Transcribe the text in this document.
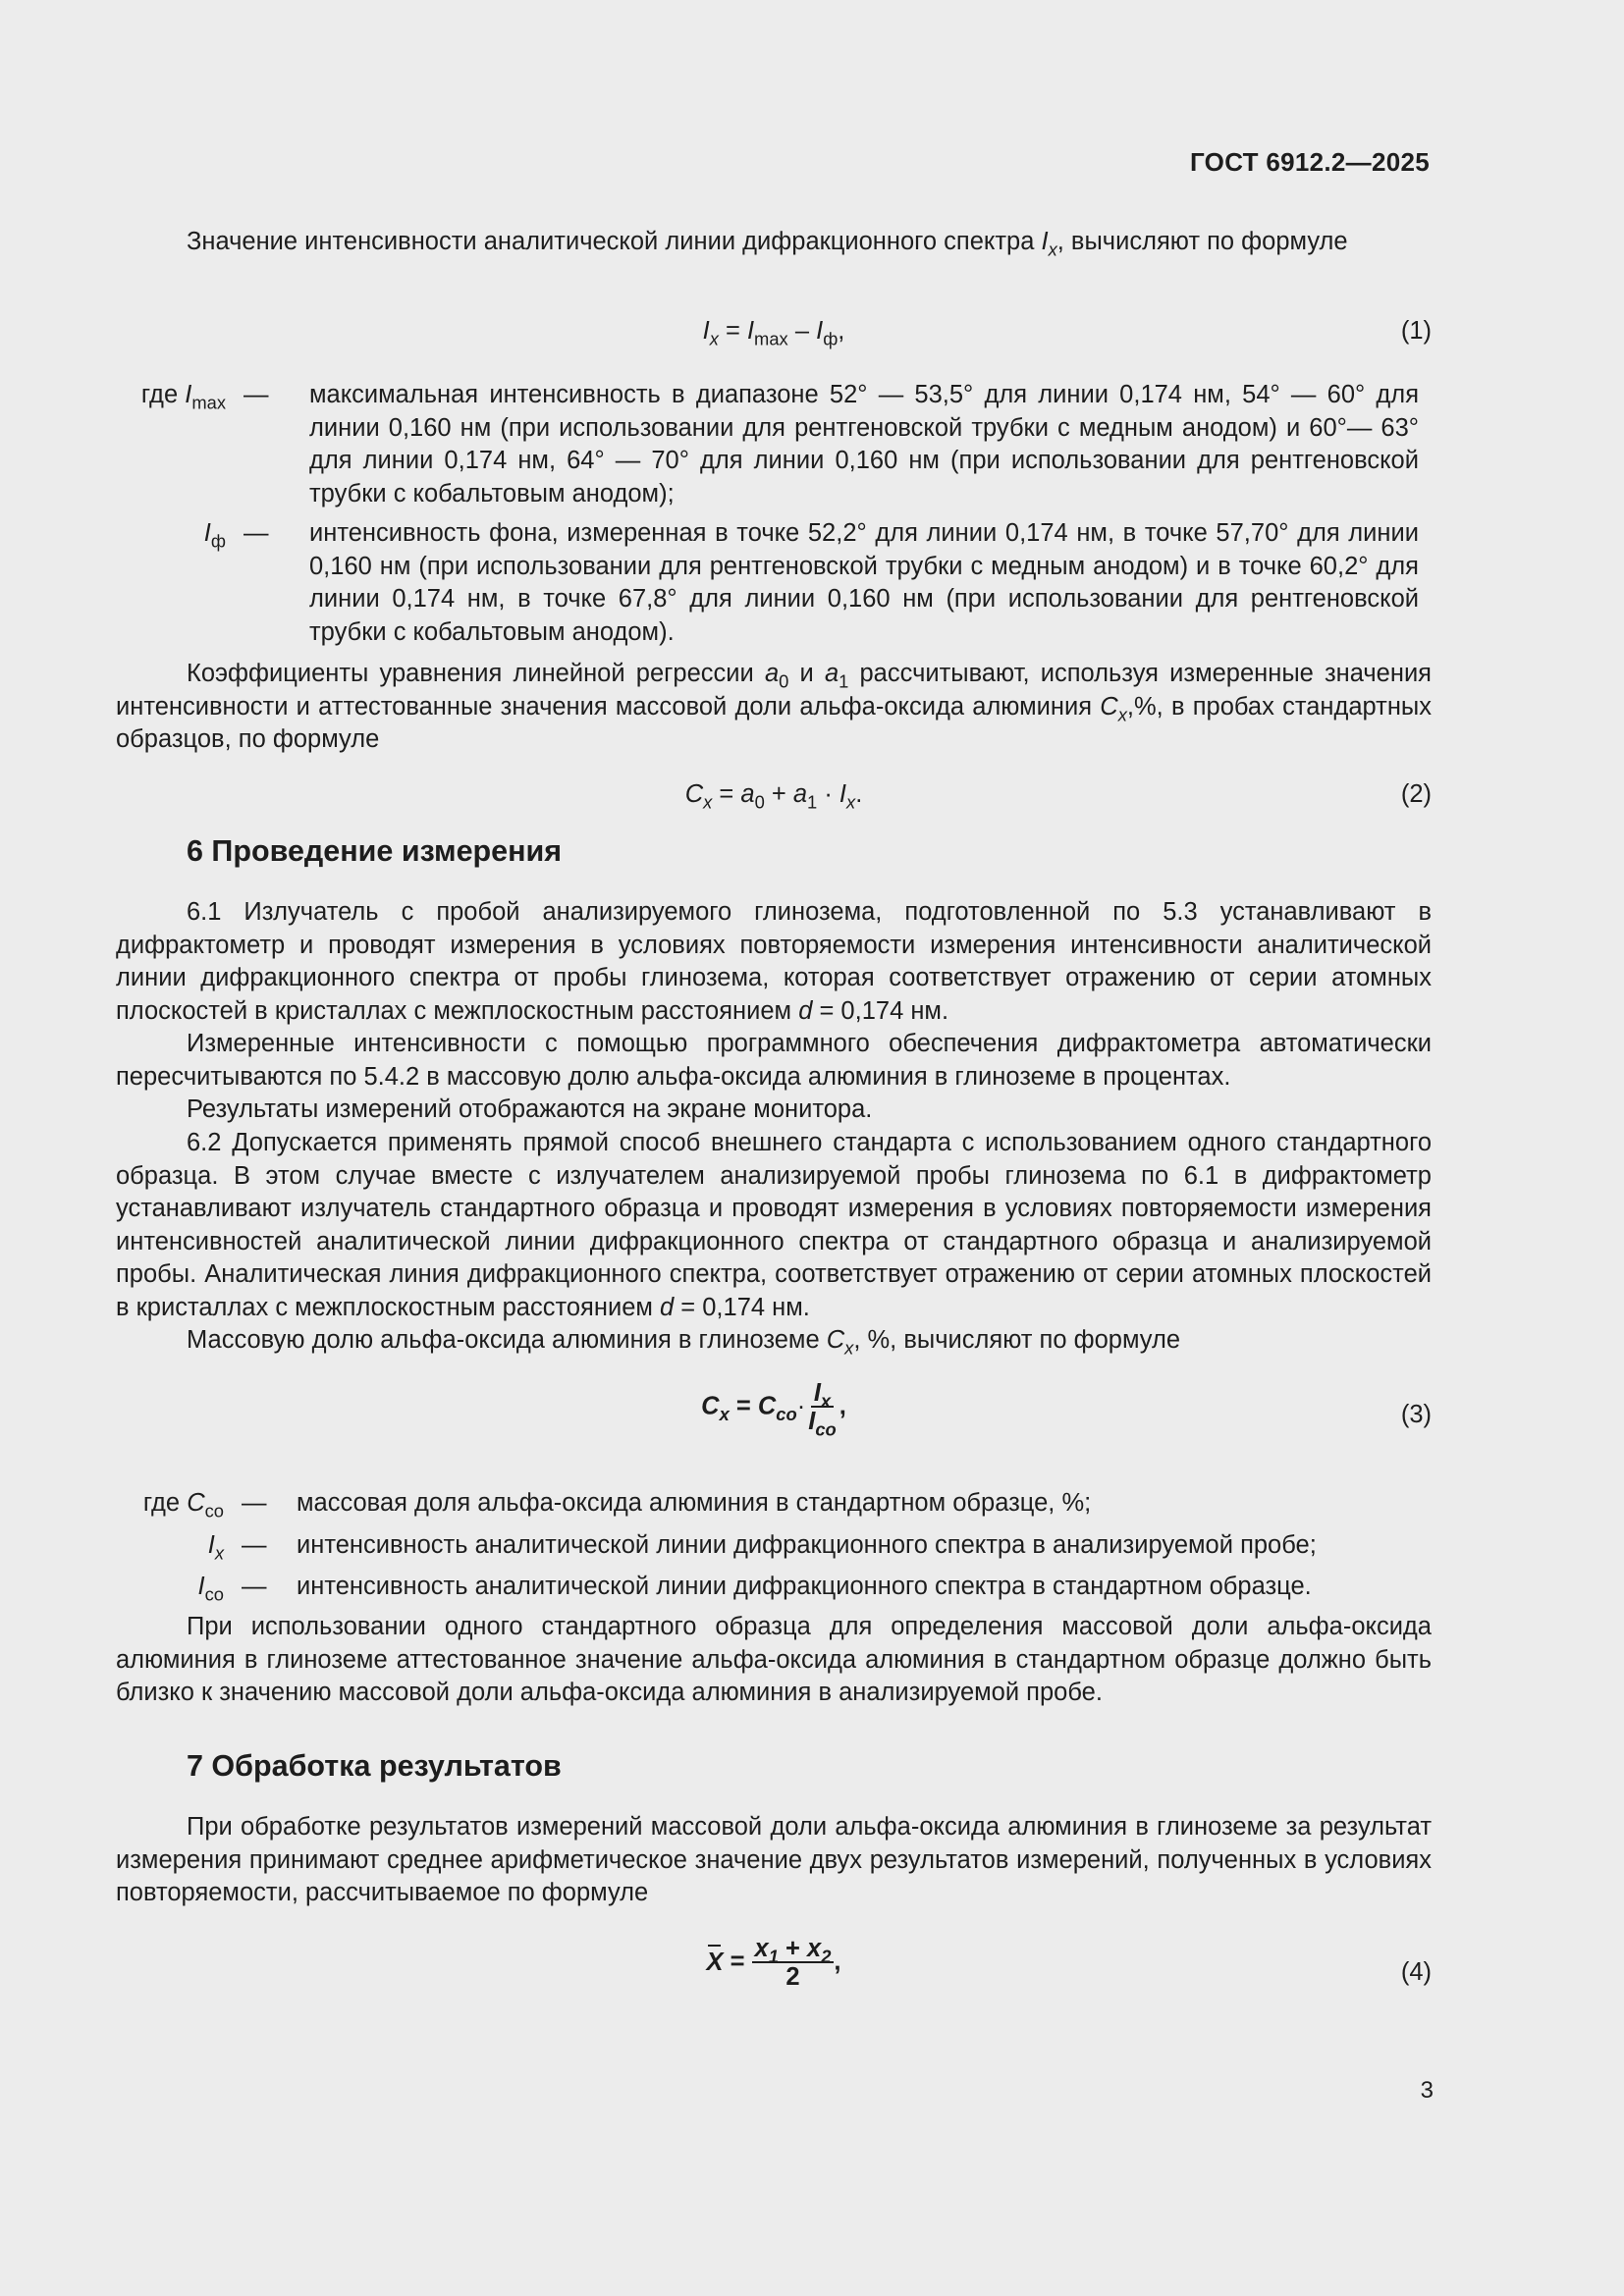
ГОСТ 6912.2—2025
Значение интенсивности аналитической линии дифракционного спектра $I_x$, вычисляют по формуле
$I_x = I_{max} - I_ф$,	(1)
где $I_{max}$ — максимальная интенсивность в диапазоне 52° — 53,5° для линии 0,174 нм, 54° — 60° для линии 0,160 нм (при использовании для рентгеновской трубки с медным анодом) и 60°— 63° для линии 0,174 нм, 64° — 70° для линии 0,160 нм (при использовании для рентгеновской трубки с кобальтовым анодом);
$I_ф$ — интенсивность фона, измеренная в точке 52,2° для линии 0,174 нм, в точке 57,70° для линии 0,160 нм (при использовании для рентгеновской трубки с медным анодом) и в точке 60,2° для линии 0,174 нм, в точке 67,8° для линии 0,160 нм (при использовании для рентгеновской трубки с кобальтовым анодом).
Коэффициенты уравнения линейной регрессии $a_0$ и $a_1$ рассчитывают, используя измеренные значения интенсивности и аттестованные значения массовой доли альфа-оксида алюминия $C_x,\%$, в пробах стандартных образцов, по формуле
$C_x = a_0 + a_1 \cdot I_x$.	(2)
6 Проведение измерения
6.1 Излучатель с пробой анализируемого глинозема, подготовленной по 5.3 устанавливают в дифрактометр и проводят измерения в условиях повторяемости измерения интенсивности аналитической линии дифракционного спектра от пробы глинозема, которая соответствует отражению от серии атомных плоскостей в кристаллах с межплоскостным расстоянием d = 0,174 нм.
Измеренные интенсивности с помощью программного обеспечения дифрактометра автоматически пересчитываются по 5.4.2 в массовую долю альфа-оксида алюминия в глиноземе в процентах.
Результаты измерений отображаются на экране монитора.
6.2 Допускается применять прямой способ внешнего стандарта с использованием одного стандартного образца. В этом случае вместе с излучателем анализируемой пробы глинозема по 6.1 в дифрактометр устанавливают излучатель стандартного образца и проводят измерения в условиях повторяемости измерения интенсивностей аналитической линии дифракционного спектра от стандартного образца и анализируемой пробы. Аналитическая линия дифракционного спектра, соответствует отражению от серии атомных плоскостей в кристаллах с межплоскостным расстоянием d = 0,174 нм.
Массовую долю альфа-оксида алюминия в глиноземе $C_x$, %, вычисляют по формуле
$C_x = C_{co}\cdot \frac{I_x}{I_{co}}$ ,	(3)
где $C_{co}$ — массовая доля альфа-оксида алюминия в стандартном образце, %;
$I_x$ — интенсивность аналитической линии дифракционного спектра в анализируемой пробе;
$I_{co}$ — интенсивность аналитической линии дифракционного спектра в стандартном образце.
При использовании одного стандартного образца для определения массовой доли альфа-оксида алюминия в глиноземе аттестованное значение альфа-оксида алюминия в стандартном образце должно быть близко к значению массовой доли альфа-оксида алюминия в анализируемой пробе.
7 Обработка результатов
При обработке результатов измерений массовой доли альфа-оксида алюминия в глиноземе за результат измерения принимают среднее арифметическое значение двух результатов измерений, полученных в условиях повторяемости, рассчитываемое по формуле
$X = \frac{x_1 + x_2}{2}$ ,	(4)
3
